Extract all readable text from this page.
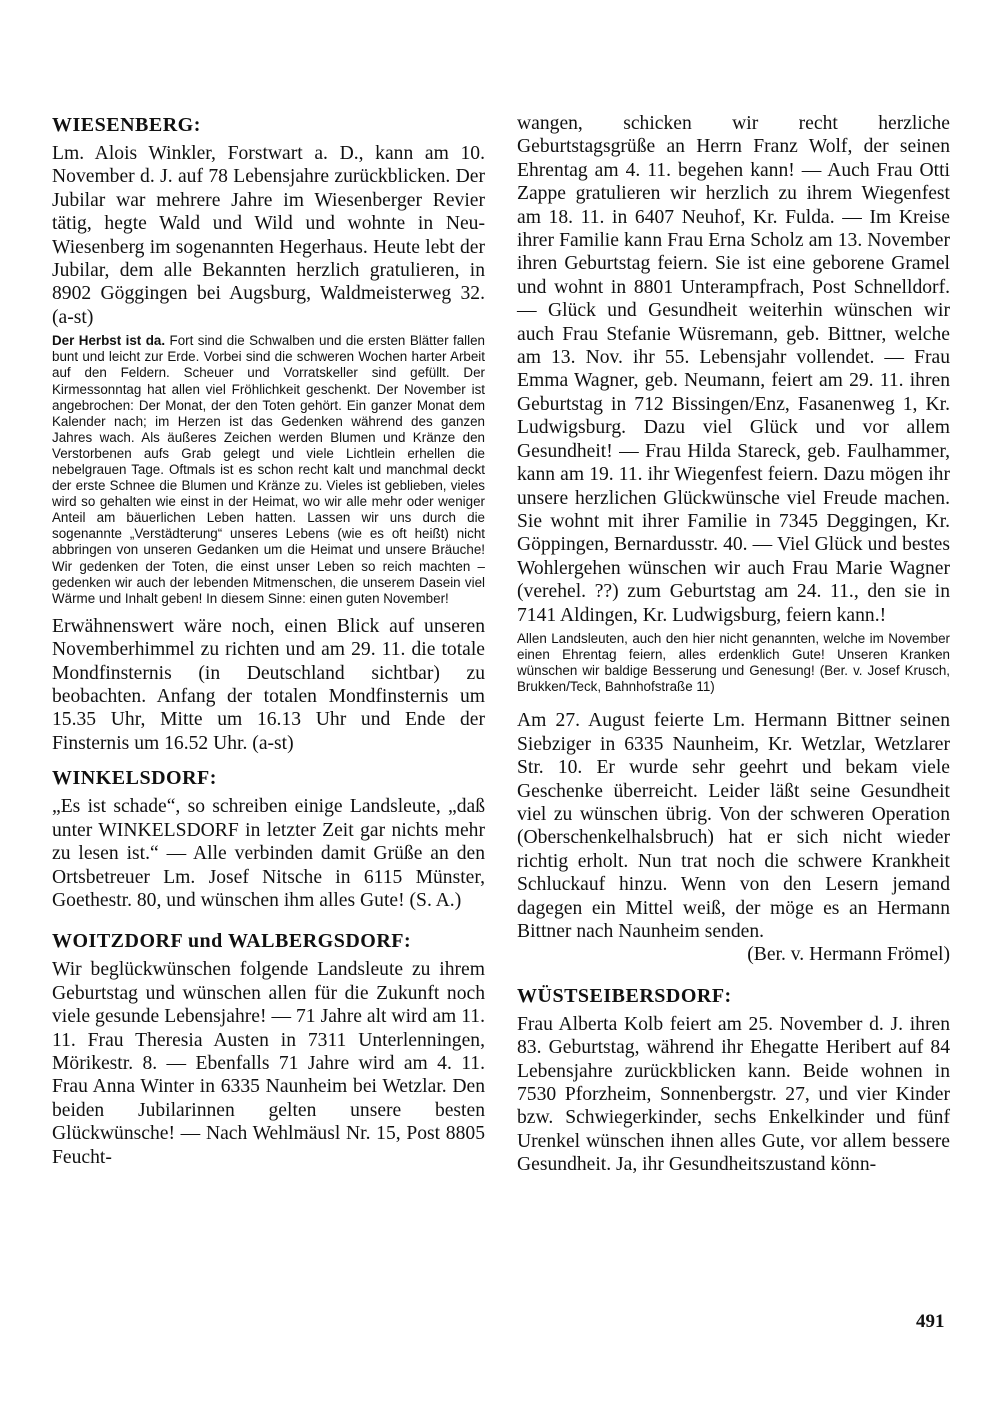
WIESENBERG:

Lm. Alois Winkler, Forstwart a. D., kann am 10. November d. J. auf 78 Lebensjahre zurückblicken. Der Jubilar war mehrere Jahre im Wiesenberger Revier tätig, hegte Wald und Wild und wohnte in Neu-Wiesenberg im sogenannten Hegerhaus. Heute lebt der Jubilar, dem alle Bekannten herzlich gratulieren, in 8902 Göggingen bei Augsburg, Waldmeisterweg 32. (a-st)

Der Herbst ist da. Fort sind die Schwalben und die ersten Blätter fallen bunt und leicht zur Erde. Vorbei sind die schweren Wochen harter Arbeit auf den Feldern. Scheuer und Vorratskeller sind gefüllt. Der Kirmessonntag hat allen viel Fröhlichkeit geschenkt. Der November ist angebrochen: Der Monat, der den Toten gehört. Ein ganzer Monat dem Kalender nach; im Herzen ist das Gedenken während des ganzen Jahres wach. Als äußeres Zeichen werden Blumen und Kränze den Verstorbenen aufs Grab gelegt und viele Lichtlein erhellen die nebelgrauen Tage. Oftmals ist es schon recht kalt und manchmal deckt der erste Schnee die Blumen und Kränze zu. Vieles ist geblieben, vieles wird so gehalten wie einst in der Heimat, wo wir alle mehr oder weniger Anteil am bäuerlichen Leben hatten. Lassen wir uns durch die sogenannte „Verstädterung“ unseres Lebens (wie es oft heißt) nicht abbringen von unseren Gedanken um die Heimat und unsere Bräuche! Wir gedenken der Toten, die einst unser Leben so reich machten – gedenken wir auch der lebenden Mitmenschen, die unserem Dasein viel Wärme und Inhalt geben! In diesem Sinne: einen guten November!

Erwähnenswert wäre noch, einen Blick auf unseren Novemberhimmel zu richten und am 29. 11. die totale Mondfinsternis (in Deutschland sichtbar) zu beobachten. Anfang der totalen Mondfinsternis um 15.35 Uhr, Mitte um 16.13 Uhr und Ende der Finsternis um 16.52 Uhr. (a-st)

WINKELSDORF:

„Es ist schade“, so schreiben einige Landsleute, „daß unter WINKELSDORF in letzter Zeit gar nichts mehr zu lesen ist.“ — Alle verbinden damit Grüße an den Ortsbetreuer Lm. Josef Nitsche in 6115 Münster, Goethestr. 80, und wünschen ihm alles Gute! (S. A.)

WOITZDORF und WALBERGSDORF:

Wir beglückwünschen folgende Landsleute zu ihrem Geburtstag und wünschen allen für die Zukunft noch viele gesunde Lebensjahre! — 71 Jahre alt wird am 11. 11. Frau Theresia Austen in 7311 Unterlenningen, Mörikestr. 8. — Ebenfalls 71 Jahre wird am 4. 11. Frau Anna Winter in 6335 Naunheim bei Wetzlar. Den beiden Jubilarinnen gelten unsere besten Glückwünsche! — Nach Wehlmäusl Nr. 15, Post 8805 Feucht-

wangen, schicken wir recht herzliche Geburtstagsgrüße an Herrn Franz Wolf, der seinen Ehrentag am 4. 11. begehen kann! — Auch Frau Otti Zappe gratulieren wir herzlich zu ihrem Wiegenfest am 18. 11. in 6407 Neuhof, Kr. Fulda. — Im Kreise ihrer Familie kann Frau Erna Scholz am 13. November ihren Geburtstag feiern. Sie ist eine geborene Gramel und wohnt in 8801 Unterampfrach, Post Schnelldorf. — Glück und Gesundheit weiterhin wünschen wir auch Frau Stefanie Wüsremann, geb. Bittner, welche am 13. Nov. ihr 55. Lebensjahr vollendet. — Frau Emma Wagner, geb. Neumann, feiert am 29. 11. ihren Geburtstag in 712 Bissingen/Enz, Fasanenweg 1, Kr. Ludwigsburg. Dazu viel Glück und vor allem Gesundheit! — Frau Hilda Stareck, geb. Faulhammer, kann am 19. 11. ihr Wiegenfest feiern. Dazu mögen ihr unsere herzlichen Glückwünsche viel Freude machen. Sie wohnt mit ihrer Familie in 7345 Deggingen, Kr. Göppingen, Bernardusstr. 40. — Viel Glück und bestes Wohlergehen wünschen wir auch Frau Marie Wagner (verehel. ??) zum Geburtstag am 24. 11., den sie in 7141 Aldingen, Kr. Ludwigsburg, feiern kann.!

Allen Landsleuten, auch den hier nicht genannten, welche im November einen Ehrentag feiern, alles erdenklich Gute! Unseren Kranken wünschen wir baldige Besserung und Genesung! (Ber. v. Josef Krusch, Brukken/Teck, Bahnhofstraße 11)

Am 27. August feierte Lm. Hermann Bittner seinen Siebziger in 6335 Naunheim, Kr. Wetzlar, Wetzlarer Str. 10. Er wurde sehr geehrt und bekam viele Geschenke überreicht. Leider läßt seine Gesundheit viel zu wünschen übrig. Von der schweren Operation (Oberschenkelhalsbruch) hat er sich nicht wieder richtig erholt. Nun trat noch die schwere Krankheit Schluckauf hinzu. Wenn von den Lesern jemand dagegen ein Mittel weiß, der möge es an Hermann Bittner nach Naunheim senden.

(Ber. v. Hermann Frömel)

WÜSTSEIBERSDORF:

Frau Alberta Kolb feiert am 25. November d. J. ihren 83. Geburtstag, während ihr Ehegatte Heribert auf 84 Lebensjahre zurückblicken kann. Beide wohnen in 7530 Pforzheim, Sonnenbergstr. 27, und vier Kinder bzw. Schwiegerkinder, sechs Enkelkinder und fünf Urenkel wünschen ihnen alles Gute, vor allem bessere Gesundheit. Ja, ihr Gesundheitszustand könn-

491
